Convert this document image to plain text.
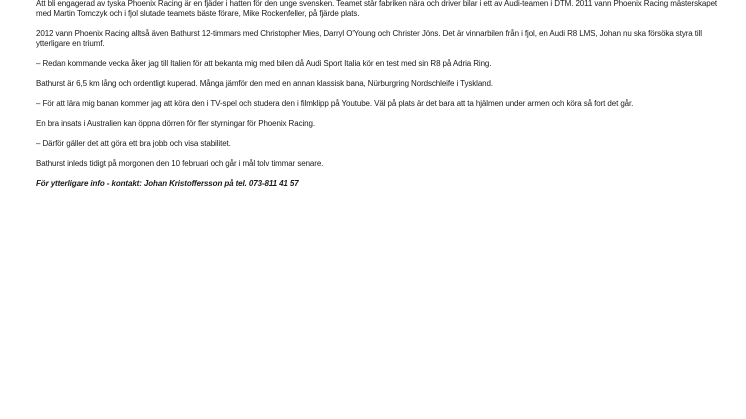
Att bli engagerad av tyska Phoenix Racing är en fjäder i hatten för den unge svensken. Teamet står fabriken nära och driver bilar i ett av Audi-teamen i DTM. 2011 vann Phoenix Racing mästerskapet med Martin Tomczyk och i fjol slutade teamets bäste förare, Mike Rockenfeller, på fjärde plats.

2012 vann Phoenix Racing alltså även Bathurst 12-timmars med Christopher Mies, Darryl O'Young och Christer Jöns. Det är vinnarbilen från i fjol, en Audi R8 LMS, Johan nu ska försöka styra till ytterligare en triumf.

– Redan kommande vecka åker jag till Italien för att bekanta mig med bilen då Audi Sport Italia kör en test med sin R8 på Adria Ring.

Bathurst är 6,5 km lång och ordentligt kuperad. Många jämför den med en annan klassisk bana, Nürburgring Nordschleife i Tyskland.

– För att lära mig banan kommer jag att köra den i TV-spel och studera den i filmklipp på Youtube. Väl på plats är det bara att ta hjälmen under armen och köra så fort det går.

En bra insats i Australien kan öppna dörren för fler styrningar för Phoenix Racing.

– Därför gäller det att göra ett bra jobb och visa stabilitet.

Bathurst inleds tidigt på morgonen den 10 februari och går i mål tolv timmar senare.

För ytterligare info - kontakt: Johan Kristoffersson på tel. 073-811 41 57
